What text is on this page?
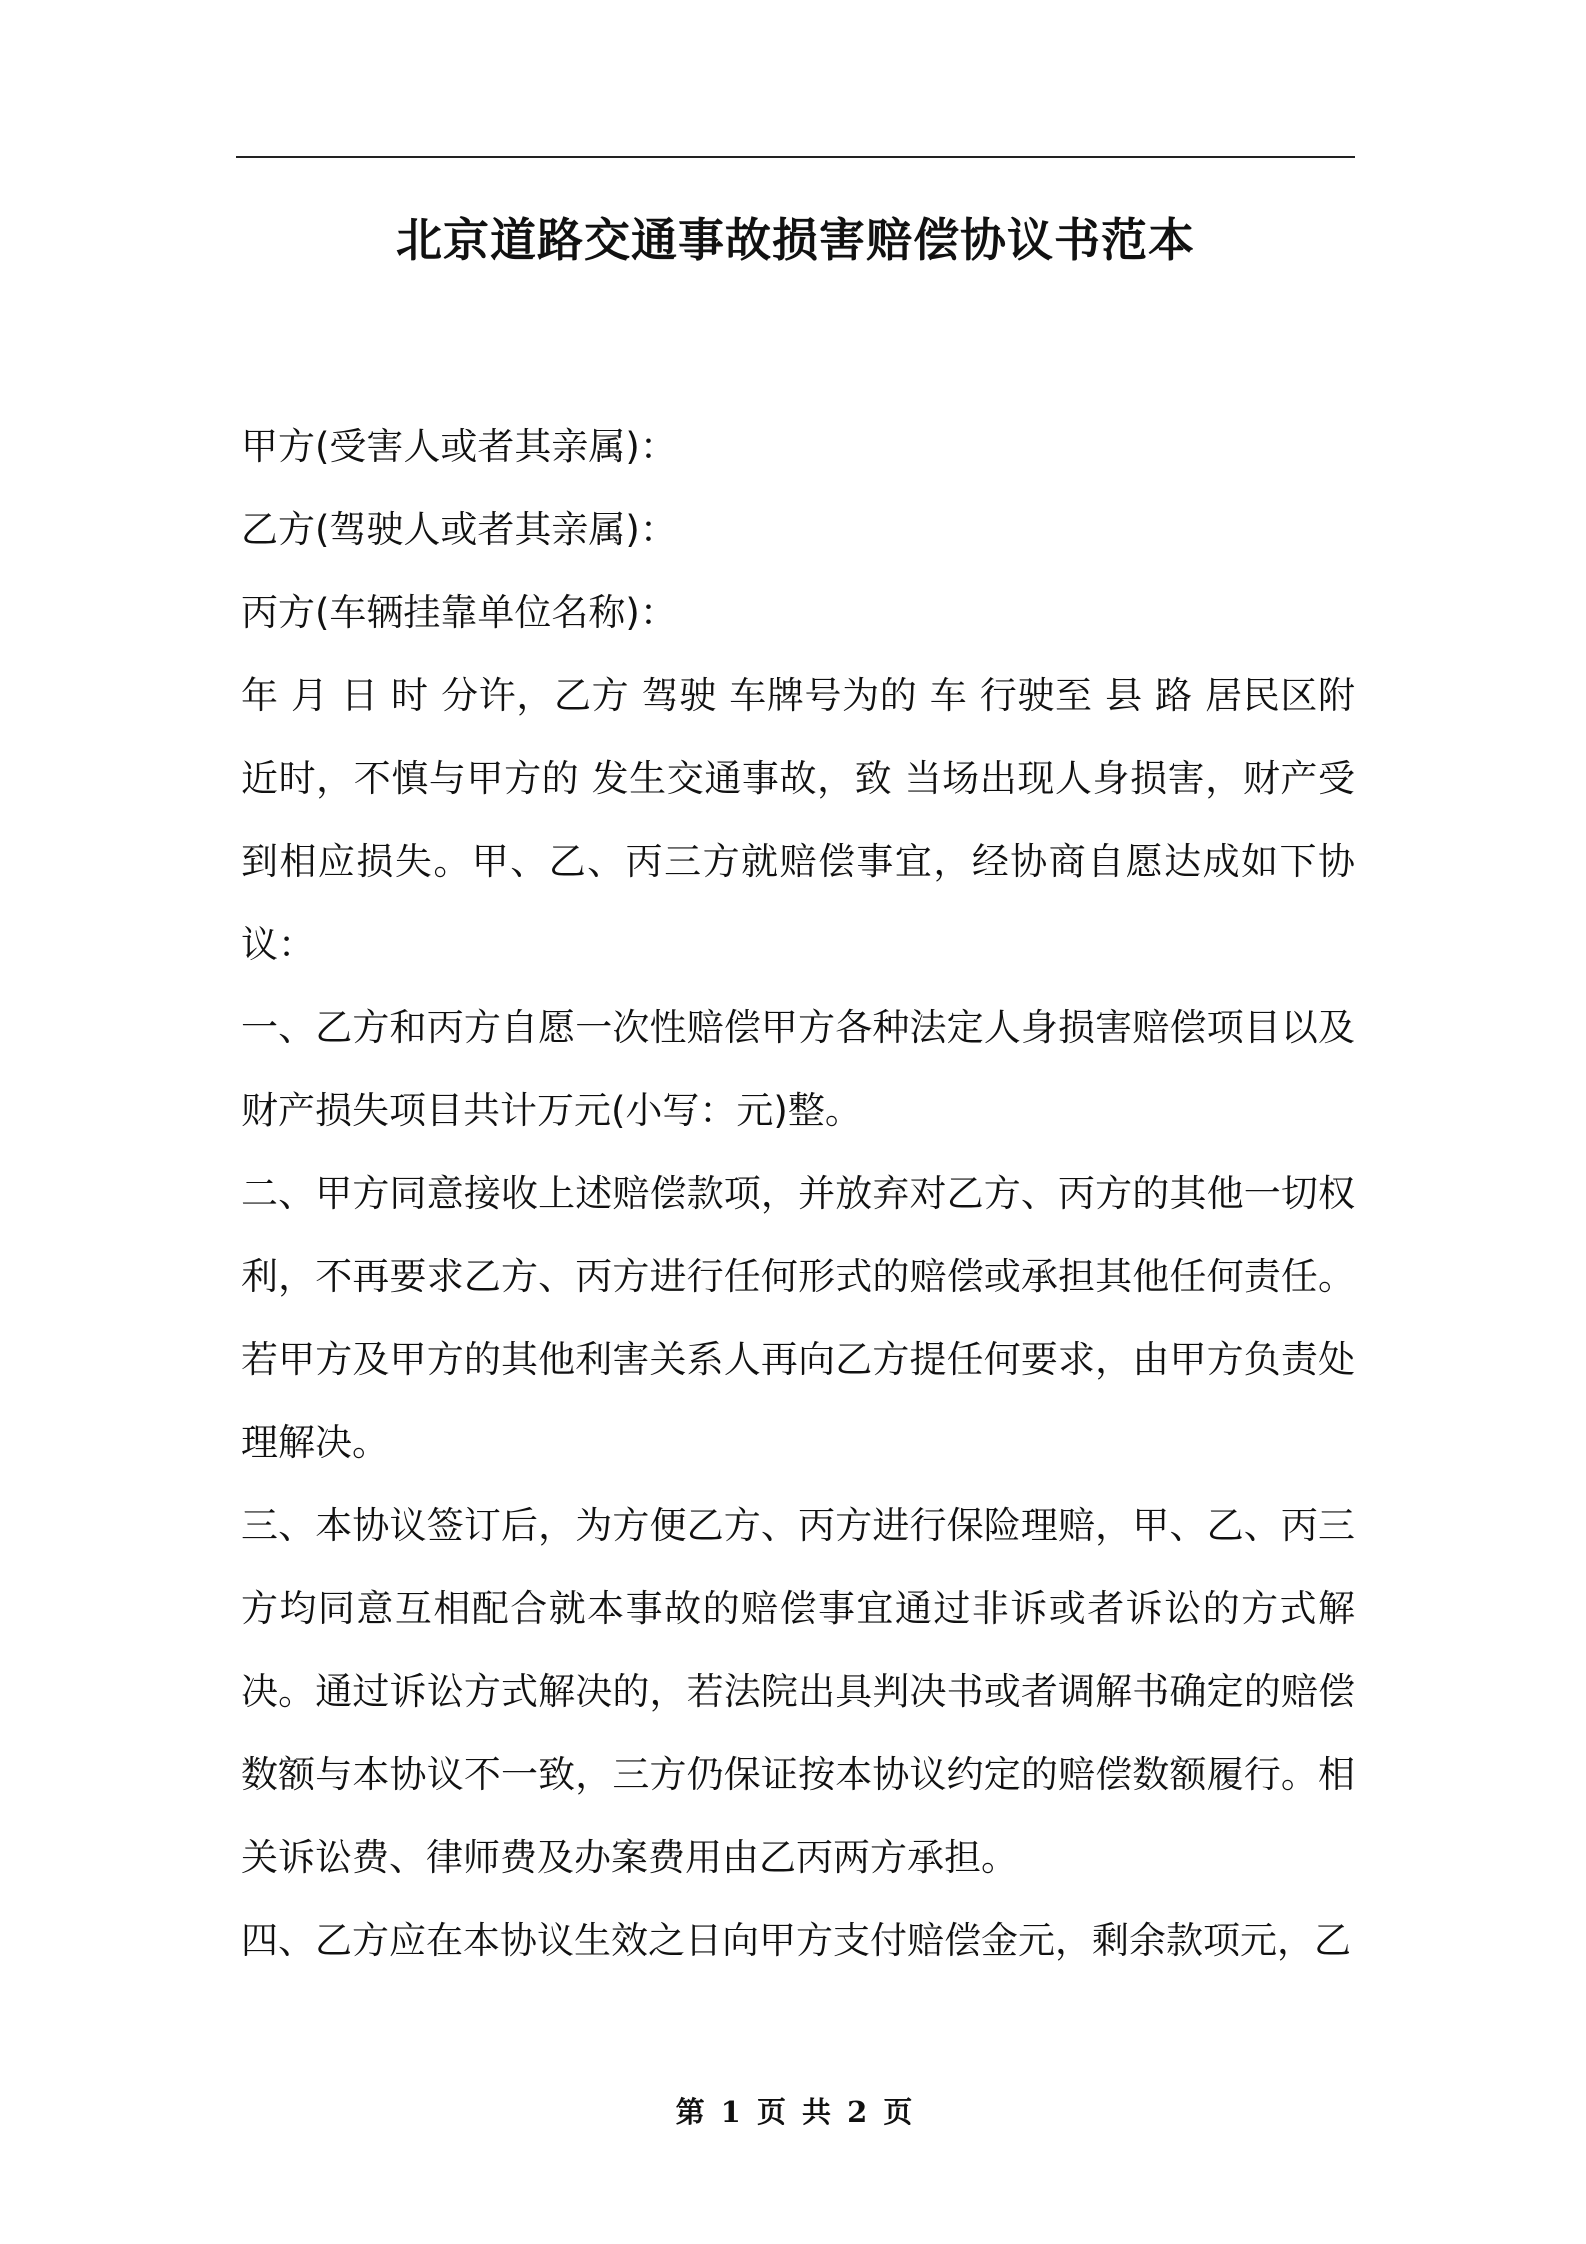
北京道路交通事故损害赔偿协议书范本

甲方(受害人或者其亲属)：

乙方(驾驶人或者其亲属)：

丙方(车辆挂靠单位名称)：

年 月 日 时 分许，乙方 驾驶 车牌号为的 车 行驶至 县 路 居民区附近时，不慎与甲方的 发生交通事故，致 当场出现人身损害，财产受到相应损失。甲、乙、丙三方就赔偿事宜，经协商自愿达成如下协议：

一、乙方和丙方自愿一次性赔偿甲方各种法定人身损害赔偿项目以及财产损失项目共计万元(小写：元)整。

二、甲方同意接收上述赔偿款项，并放弃对乙方、丙方的其他一切权利，不再要求乙方、丙方进行任何形式的赔偿或承担其他任何责任。若甲方及甲方的其他利害关系人再向乙方提任何要求，由甲方负责处理解决。

三、本协议签订后，为方便乙方、丙方进行保险理赔，甲、乙、丙三方均同意互相配合就本事故的赔偿事宜通过非诉或者诉讼的方式解决。通过诉讼方式解决的，若法院出具判决书或者调解书确定的赔偿数额与本协议不一致，三方仍保证按本协议约定的赔偿数额履行。相关诉讼费、律师费及办案费用由乙丙两方承担。

四、乙方应在本协议生效之日向甲方支付赔偿金元，剩余款项元，乙

第 1 页 共 2 页
